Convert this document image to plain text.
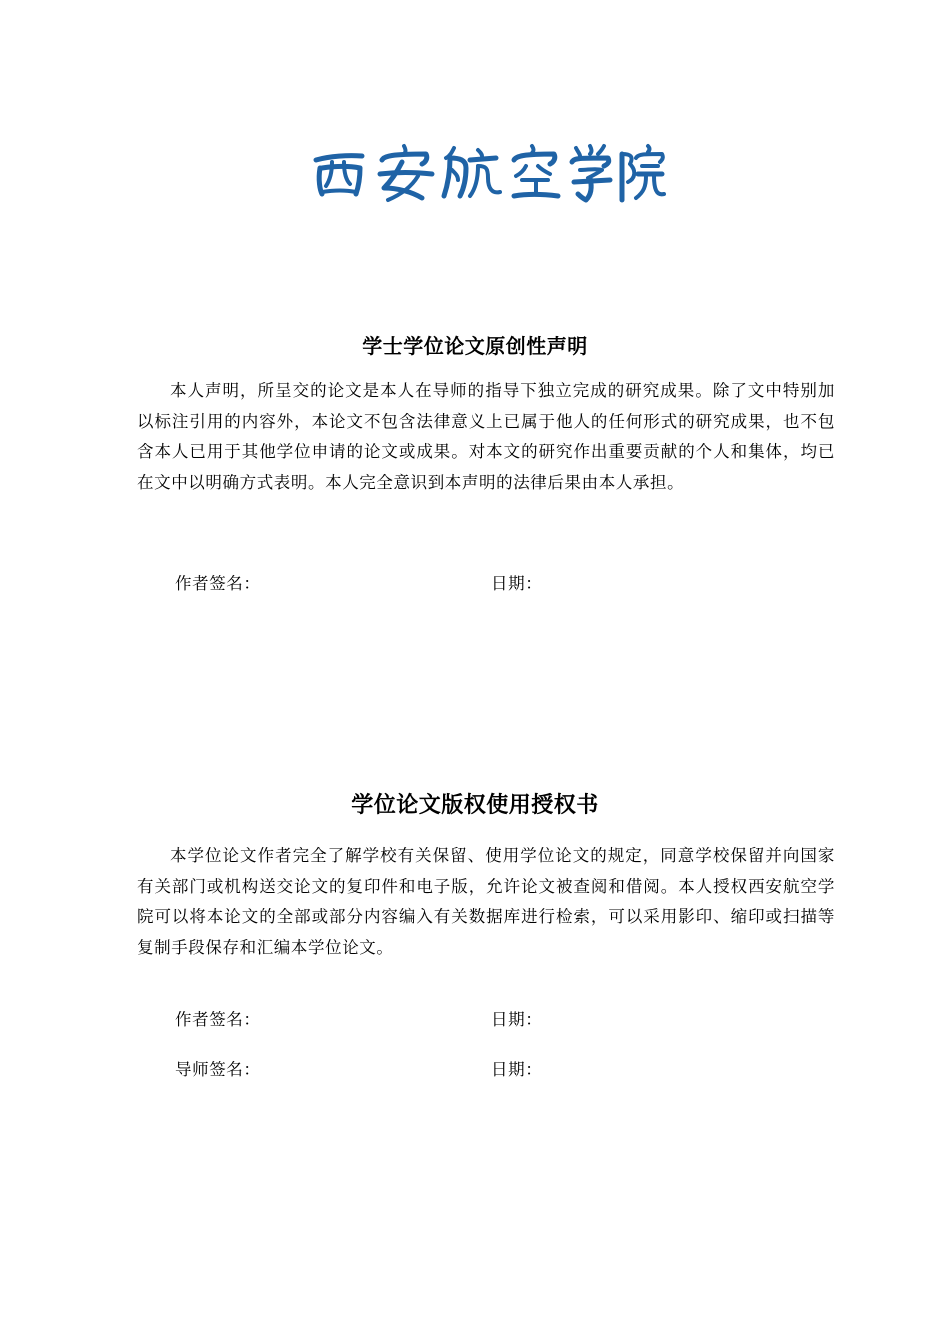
学士学位论文原创性声明
本人声明，所呈交的论文是本人在导师的指导下独立完成的研究成果。除了文中特别加以标注引用的内容外，本论文不包含法律意义上已属于他人的任何形式的研究成果，也不包含本人已用于其他学位申请的论文或成果。对本文的研究作出重要贡献的个人和集体，均已在文中以明确方式表明。本人完全意识到本声明的法律后果由本人承担。
作者签名：	日期：
学位论文版权使用授权书
本学位论文作者完全了解学校有关保留、使用学位论文的规定，同意学校保留并向国家有关部门或机构送交论文的复印件和电子版，允许论文被查阅和借阅。本人授权西安航空学院可以将本论文的全部或部分内容编入有关数据库进行检索，可以采用影印、缩印或扫描等复制手段保存和汇编本学位论文。
作者签名：	日期：
导师签名：	日期：
